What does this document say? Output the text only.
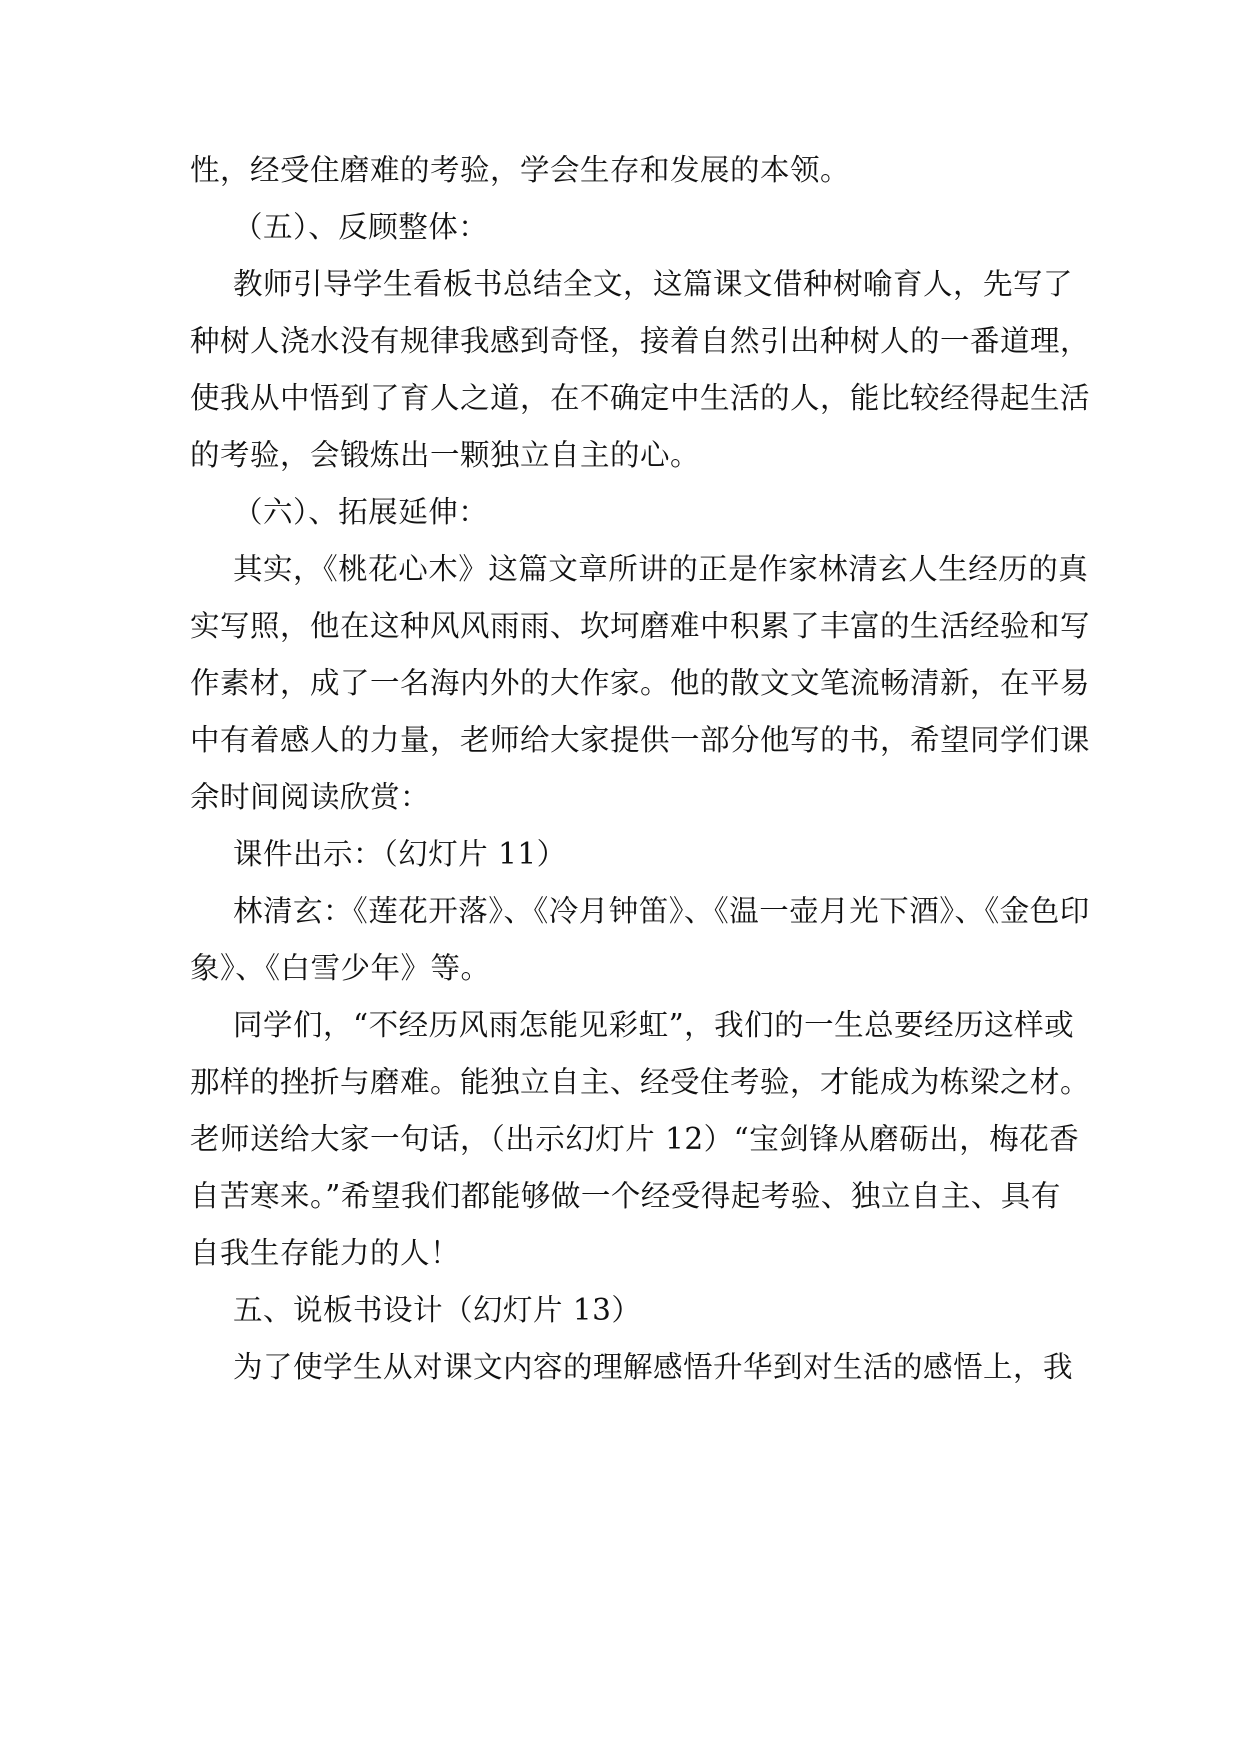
性，经受住磨难的考验，学会生存和发展的本领。
（五）、反顾整体：
教师引导学生看板书总结全文，这篇课文借种树喻育人，先写了
种树人浇水没有规律我感到奇怪，接着自然引出种树人的一番道理，
使我从中悟到了育人之道，在不确定中生活的人，能比较经得起生活
的考验，会锻炼出一颗独立自主的心。
（六）、拓展延伸：
其实，《桃花心木》这篇文章所讲的正是作家林清玄人生经历的真
实写照，他在这种风风雨雨、坎坷磨难中积累了丰富的生活经验和写
作素材，成了一名海内外的大作家。他的散文文笔流畅清新，在平易
中有着感人的力量，老师给大家提供一部分他写的书，希望同学们课
余时间阅读欣赏：
课件出示：（幻灯片 11）
林清玄：《莲花开落》、《冷月钟笛》、《温一壶月光下酒》、《金色印
象》、《白雪少年》等。
同学们，“不经历风雨怎能见彩虹”，我们的一生总要经历这样或
那样的挫折与磨难。能独立自主、经受住考验，才能成为栋梁之材。
老师送给大家一句话，（出示幻灯片 12）“宝剑锋从磨砺出，梅花香
自苦寒来。”希望我们都能够做一个经受得起考验、独立自主、具有
自我生存能力的人！
五、说板书设计（幻灯片 13）
为了使学生从对课文内容的理解感悟升华到对生活的感悟上，我
